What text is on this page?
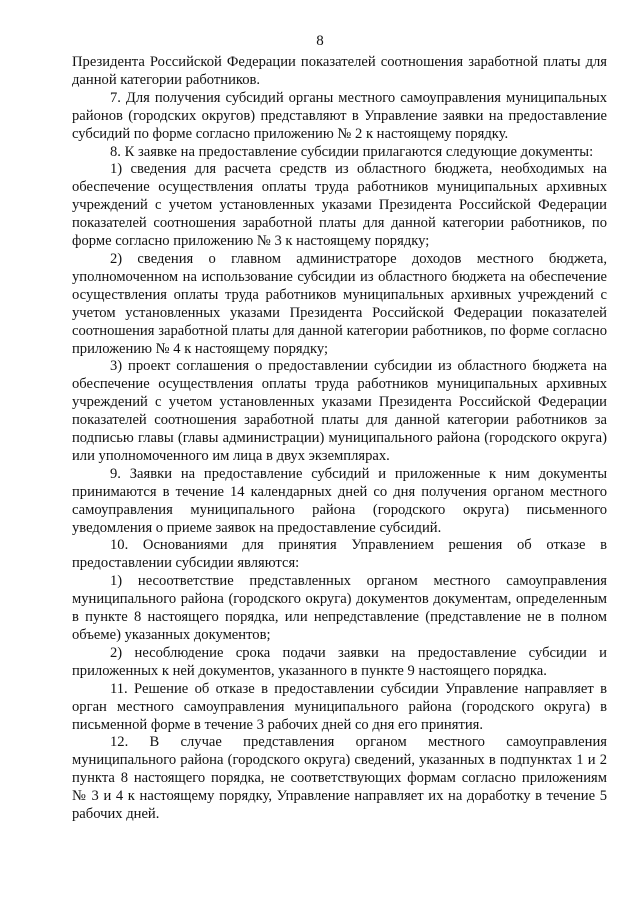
8

Президента Российской Федерации показателей соотношения заработной платы для данной категории работников.

7. Для получения субсидий органы местного самоуправления муниципальных районов (городских округов) представляют в Управление заявки на предоставление субсидий по форме согласно приложению № 2 к настоящему порядку.

8. К заявке на предоставление субсидии прилагаются следующие документы:

1) сведения для расчета средств из областного бюджета, необходимых на обеспечение осуществления оплаты труда работников муниципальных архивных учреждений с учетом установленных указами Президента Российской Федерации показателей соотношения заработной платы для данной категории работников, по форме согласно приложению № 3 к настоящему порядку;

2) сведения о главном администраторе доходов местного бюджета, уполномоченном на использование субсидии из областного бюджета на обеспечение осуществления оплаты труда работников муниципальных архивных учреждений с учетом установленных указами Президента Российской Федерации показателей соотношения заработной платы для данной категории работников, по форме согласно приложению № 4 к настоящему порядку;

3) проект соглашения о предоставлении субсидии из областного бюджета на обеспечение осуществления оплаты труда работников муниципальных архивных учреждений с учетом установленных указами Президента Российской Федерации показателей соотношения заработной платы для данной категории работников за подписью главы (главы администрации) муниципального района (городского округа) или уполномоченного им лица в двух экземплярах.

9. Заявки на предоставление субсидий и приложенные к ним документы принимаются в течение 14 календарных дней со дня получения органом местного самоуправления муниципального района (городского округа) письменного уведомления о приеме заявок на предоставление субсидий.

10. Основаниями для принятия Управлением решения об отказе в предоставлении субсидии являются:

1) несоответствие представленных органом местного самоуправления муниципального района (городского округа) документов документам, определенным в пункте 8 настоящего порядка, или непредставление (представление не в полном объеме) указанных документов;

2) несоблюдение срока подачи заявки на предоставление субсидии и приложенных к ней документов, указанного в пункте 9 настоящего порядка.

11. Решение об отказе в предоставлении субсидии Управление направляет в орган местного самоуправления муниципального района (городского округа) в письменной форме в течение 3 рабочих дней со дня его принятия.

12. В случае представления органом местного самоуправления муниципального района (городского округа) сведений, указанных в подпунктах 1 и 2 пункта 8 настоящего порядка, не соответствующих формам согласно приложениям № 3 и 4 к настоящему порядку, Управление направляет их на доработку в течение 5 рабочих дней.
